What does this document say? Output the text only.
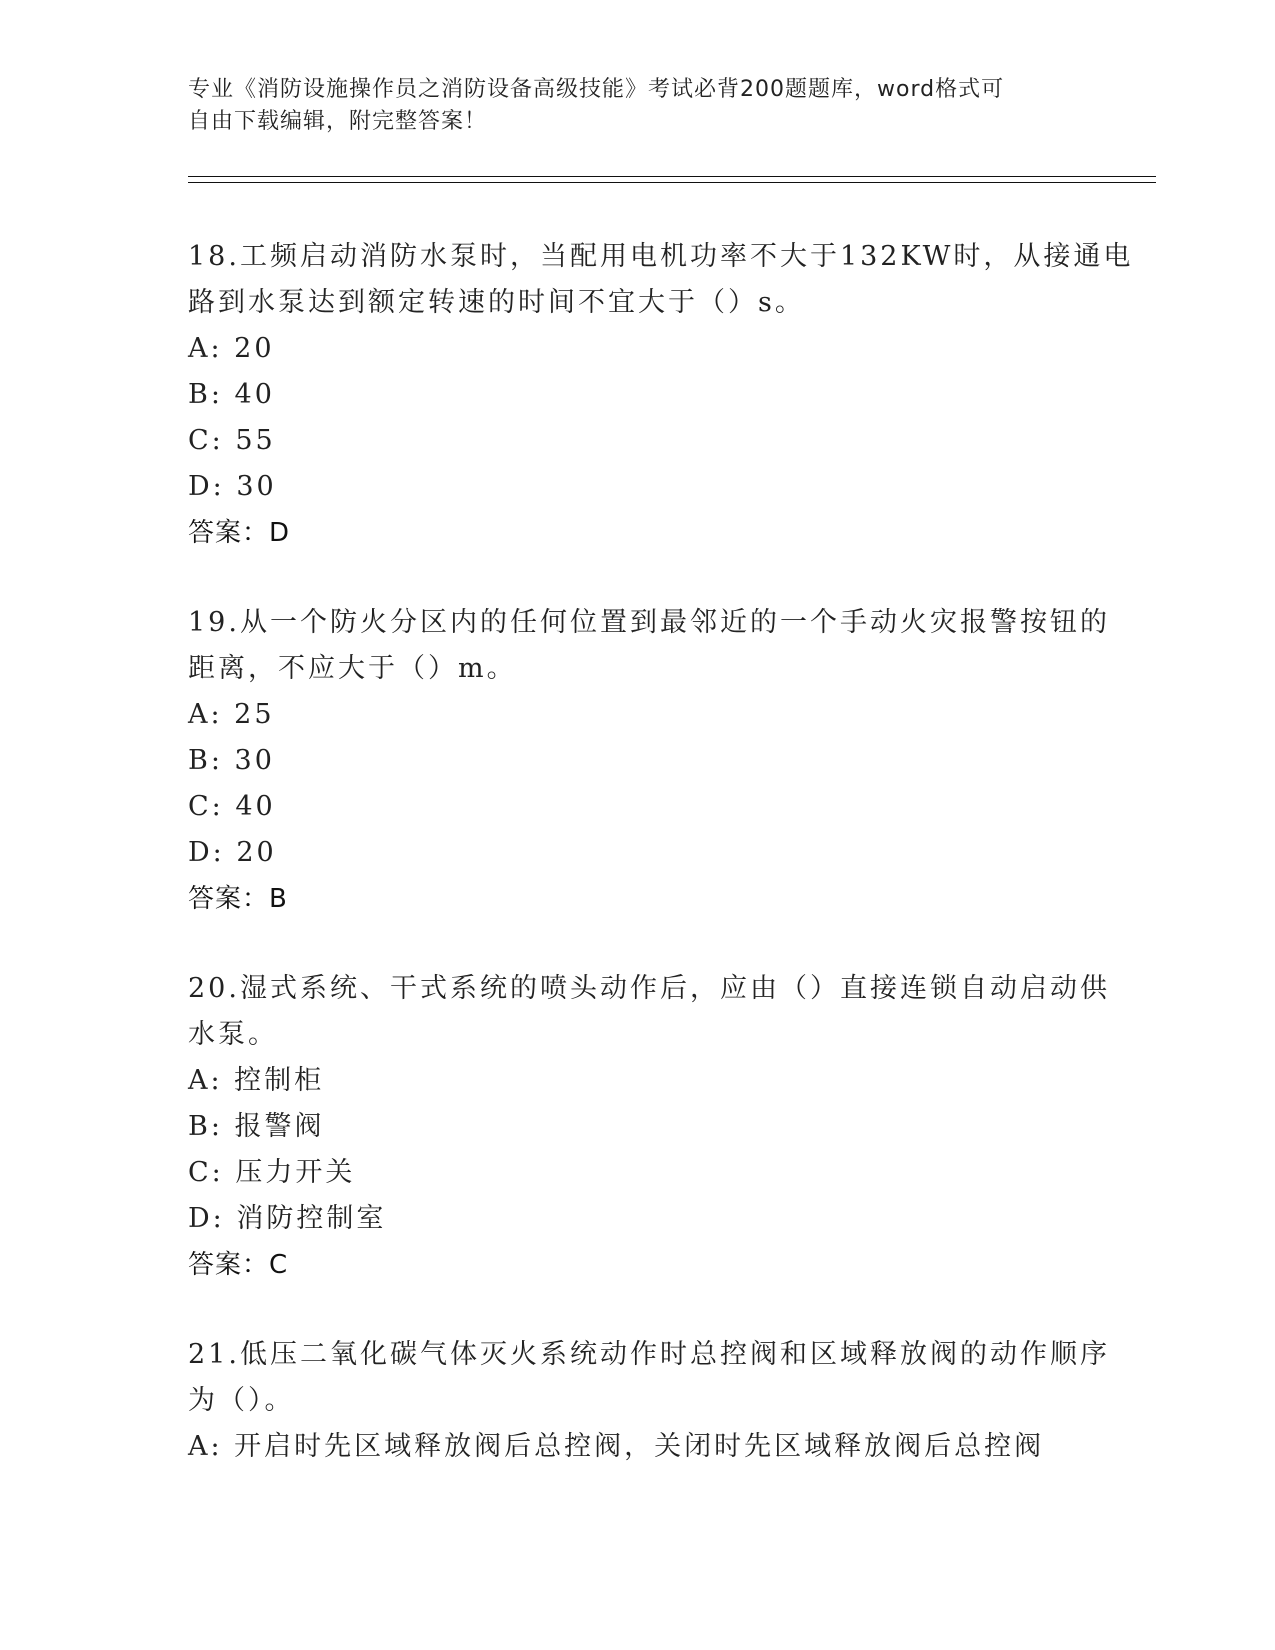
专业《消防设施操作员之消防设备高级技能》考试必背200题题库，word格式可
自由下载编辑，附完整答案！
18.工频启动消防水泵时，当配用电机功率不大于132KW时，从接通电
路到水泵达到额定转速的时间不宜大于（）s。
A: 20
B: 40
C: 55
D: 30
答案：D
19.从一个防火分区内的任何位置到最邻近的一个手动火灾报警按钮的
距离，不应大于（）m。
A: 25
B: 30
C: 40
D: 20
答案：B
20.湿式系统、干式系统的喷头动作后，应由（）直接连锁自动启动供
水泵。
A: 控制柜
B: 报警阀
C: 压力开关
D: 消防控制室
答案：C
21.低压二氧化碳气体灭火系统动作时总控阀和区域释放阀的动作顺序
为（）。
A: 开启时先区域释放阀后总控阀，关闭时先区域释放阀后总控阀
